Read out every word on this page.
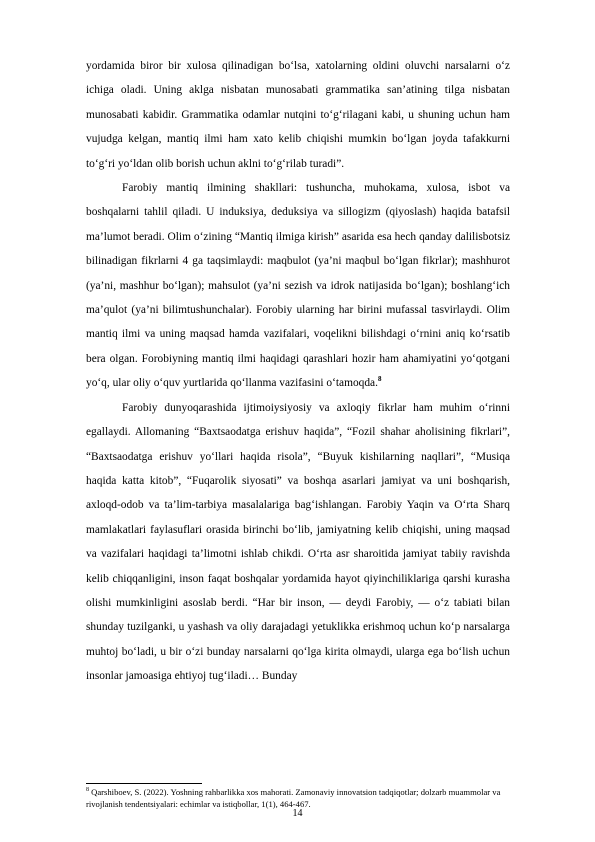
yordamida biror bir xulosa qilinadigan bo‘lsa, xatolarning oldini oluvchi narsalarni o‘z ichiga oladi. Uning aklga nisbatan munosabati grammatika san’atining tilga nisbatan munosabati kabidir. Grammatika odamlar nutqini to‘g‘rilagani kabi, u shuning uchun ham vujudga kelgan, mantiq ilmi ham xato kelib chiqishi mumkin bo‘lgan joyda tafakkurni to‘g‘ri yo‘ldan olib borish uchun aklni to‘g‘rilab turadi”.

Farobiy mantiq ilmining shakllari: tushuncha, muhokama, xulosa, isbot va boshqalarni tahlil qiladi. U induksiya, deduksiya va sillogizm (qiyoslash) haqida batafsil ma’lumot beradi. Olim o‘zining “Mantiq ilmiga kirish” asarida esa hech qanday dalilisbotsiz bilinadigan fikrlarni 4 ga taqsimlaydi: maqbulot (ya’ni maqbul bo‘lgan fikrlar); mashhurot (ya’ni, mashhur bo‘lgan); mahsulot (ya’ni sezish va idrok natijasida bo‘lgan); boshlang‘ich ma’qulot (ya’ni bilimtushunchalar). Forobiy ularning har birini mufassal tasvirlaydi. Olim mantiq ilmi va uning maqsad hamda vazifalari, voqelikni bilishdagi o‘rnini aniq ko‘rsatib bera olgan. Forobiyning mantiq ilmi haqidagi qarashlari hozir ham ahamiyatini yo‘qotgani yo‘q, ular oliy o‘quv yurtlarida qo‘llanma vazifasini o‘tamoqda.$^8$

Farobiy dunyoqarashida ijtimoiysiyosiy va axloqiy fikrlar ham muhim o‘rinni egallaydi. Allomaning “Baxtsaodatga erishuv haqida”, “Fozil shahar aholisining fikrlari”, “Baxtsaodatga erishuv yo‘llari haqida risola”, “Buyuk kishilarning naqllari”, “Musiqa haqida katta kitob”, “Fuqarolik siyosati” va boshqa asarlari jamiyat va uni boshqarish, axloqd-odob va ta’lim-tarbiya masalalariga bag‘ishlangan. Farobiy Yaqin va O‘rta Sharq mamlakatlari faylasuflari orasida birinchi bo‘lib, jamiyatning kelib chiqishi, uning maqsad va vazifalari haqidagi ta’limotni ishlab chikdi. O‘rta asr sharoitida jamiyat tabiiy ravishda kelib chiqqanligini, inson faqat boshqalar yordamida hayot qiyinchiliklariga qarshi kurasha olishi mumkinligini asoslab berdi. “Har bir inson, — deydi Farobiy, — o‘z tabiati bilan shunday tuzilganki, u yashash va oliy darajadagi yetuklikka erishmoq uchun ko‘p narsalarga muhtoj bo‘ladi, u bir o‘zi bunday narsalarni qo‘lga kirita olmaydi, ularga ega bo‘lish uchun insonlar jamoasiga ehtiyoj tug‘iladi… Bunday

$^8$ Qarshiboev, S. (2022). Yoshning rahbarlikka xos mahorati. Zamonaviy innovatsion tadqiqotlar; dolzarb muammolar va rivojlanish tendentsiyalari: echimlar va istiqbollar, 1(1), 464-467.

14
